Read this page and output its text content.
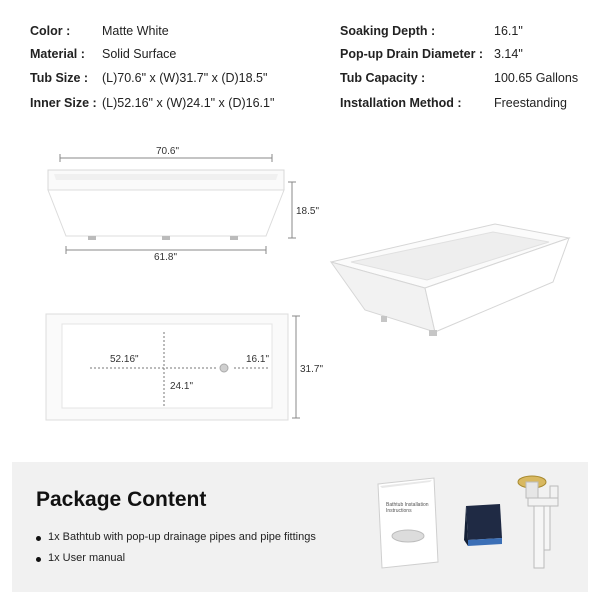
Color :	Matte White
Material : Solid Surface
Tub Size : (L)70.6" x (W)31.7" x (D)18.5"
Inner Size : (L)52.16" x (W)24.1" x (D)16.1"
Soaking Depth :	16.1"
Pop-up Drain Diameter : 3.14"
Tub Capacity :	100.65 Gallons
Installation Method :	Freestanding
70.6"
18.5"
61.8"
52.16"
24.1"
16.1"
31.7"
Package Content
1x Bathtub with pop-up drainage pipes and pipe fittings
1x User manual
Bathtub Installation Instructions
